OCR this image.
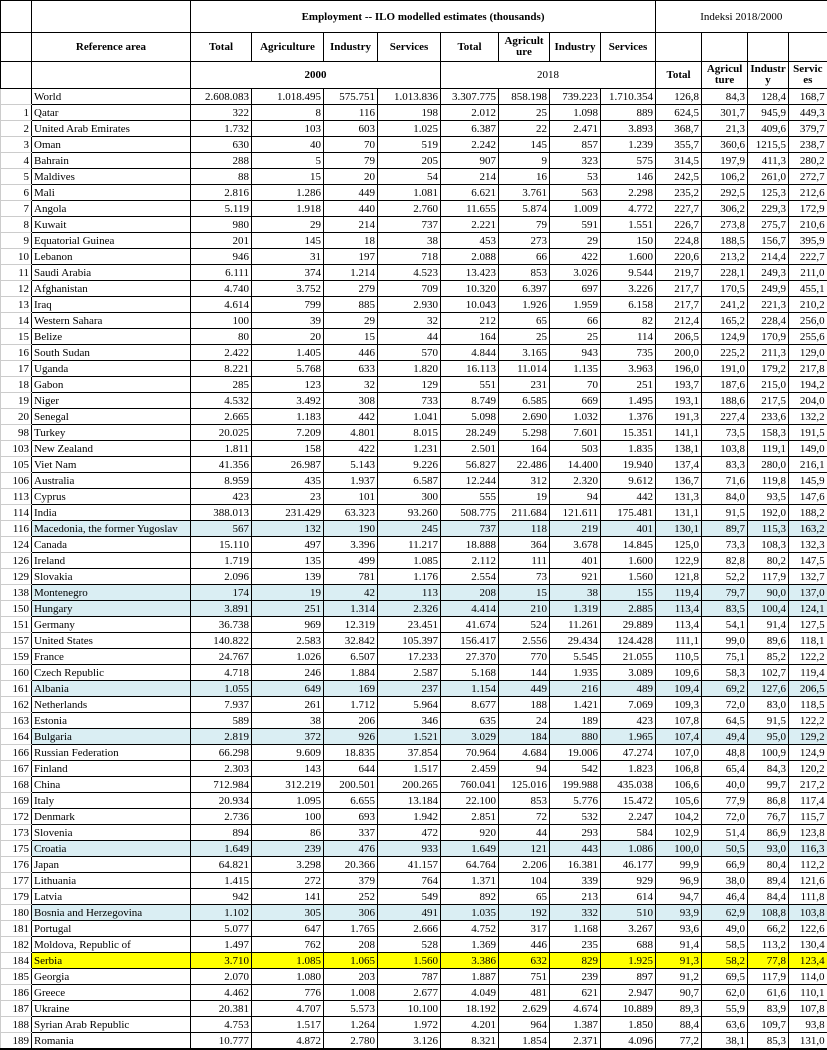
		Employment -- ILO modelled estimates (thousands)								Indeksi 2018/2000			
	Reference area	Total	Agriculture	Industry	Services	Total	Agricult ure	Industry	Services				
		2000				2018				Total	Agricul ture	Industr y	Servic es
	World	2.608.083	1.018.495	575.751	1.013.836	3.307.775	858.198	739.223	1.710.354	126,8	84,3	128,4	168,7
1	Qatar	322	8	116	198	2.012	25	1.098	889	624,5	301,7	945,9	449,3
2	United Arab Emirates	1.732	103	603	1.025	6.387	22	2.471	3.893	368,7	21,3	409,6	379,7
3	Oman	630	40	70	519	2.242	145	857	1.239	355,7	360,6	1215,5	238,7
4	Bahrain	288	5	79	205	907	9	323	575	314,5	197,9	411,3	280,2
5	Maldives	88	15	20	54	214	16	53	146	242,5	106,2	261,0	272,7
6	Mali	2.816	1.286	449	1.081	6.621	3.761	563	2.298	235,2	292,5	125,3	212,6
7	Angola	5.119	1.918	440	2.760	11.655	5.874	1.009	4.772	227,7	306,2	229,3	172,9
8	Kuwait	980	29	214	737	2.221	79	591	1.551	226,7	273,8	275,7	210,6
9	Equatorial Guinea	201	145	18	38	453	273	29	150	224,8	188,5	156,7	395,9
10	Lebanon	946	31	197	718	2.088	66	422	1.600	220,6	213,2	214,4	222,7
11	Saudi Arabia	6.111	374	1.214	4.523	13.423	853	3.026	9.544	219,7	228,1	249,3	211,0
12	Afghanistan	4.740	3.752	279	709	10.320	6.397	697	3.226	217,7	170,5	249,9	455,1
13	Iraq	4.614	799	885	2.930	10.043	1.926	1.959	6.158	217,7	241,2	221,3	210,2
14	Western Sahara	100	39	29	32	212	65	66	82	212,4	165,2	228,4	256,0
15	Belize	80	20	15	44	164	25	25	114	206,5	124,9	170,9	255,6
16	South Sudan	2.422	1.405	446	570	4.844	3.165	943	735	200,0	225,2	211,3	129,0
17	Uganda	8.221	5.768	633	1.820	16.113	11.014	1.135	3.963	196,0	191,0	179,2	217,8
18	Gabon	285	123	32	129	551	231	70	251	193,7	187,6	215,0	194,2
19	Niger	4.532	3.492	308	733	8.749	6.585	669	1.495	193,1	188,6	217,5	204,0
20	Senegal	2.665	1.183	442	1.041	5.098	2.690	1.032	1.376	191,3	227,4	233,6	132,2
98	Turkey	20.025	7.209	4.801	8.015	28.249	5.298	7.601	15.351	141,1	73,5	158,3	191,5
103	New Zealand	1.811	158	422	1.231	2.501	164	503	1.835	138,1	103,8	119,1	149,0
105	Viet Nam	41.356	26.987	5.143	9.226	56.827	22.486	14.400	19.940	137,4	83,3	280,0	216,1
106	Australia	8.959	435	1.937	6.587	12.244	312	2.320	9.612	136,7	71,6	119,8	145,9
113	Cyprus	423	23	101	300	555	19	94	442	131,3	84,0	93,5	147,6
114	India	388.013	231.429	63.323	93.260	508.775	211.684	121.611	175.481	131,1	91,5	192,0	188,2
116	Macedonia, the former Yugoslav	567	132	190	245	737	118	219	401	130,1	89,7	115,3	163,2
124	Canada	15.110	497	3.396	11.217	18.888	364	3.678	14.845	125,0	73,3	108,3	132,3
126	Ireland	1.719	135	499	1.085	2.112	111	401	1.600	122,9	82,8	80,2	147,5
129	Slovakia	2.096	139	781	1.176	2.554	73	921	1.560	121,8	52,2	117,9	132,7
138	Montenegro	174	19	42	113	208	15	38	155	119,4	79,7	90,0	137,0
150	Hungary	3.891	251	1.314	2.326	4.414	210	1.319	2.885	113,4	83,5	100,4	124,1
151	Germany	36.738	969	12.319	23.451	41.674	524	11.261	29.889	113,4	54,1	91,4	127,5
157	United States	140.822	2.583	32.842	105.397	156.417	2.556	29.434	124.428	111,1	99,0	89,6	118,1
159	France	24.767	1.026	6.507	17.233	27.370	770	5.545	21.055	110,5	75,1	85,2	122,2
160	Czech Republic	4.718	246	1.884	2.587	5.168	144	1.935	3.089	109,6	58,3	102,7	119,4
161	Albania	1.055	649	169	237	1.154	449	216	489	109,4	69,2	127,6	206,5
162	Netherlands	7.937	261	1.712	5.964	8.677	188	1.421	7.069	109,3	72,0	83,0	118,5
163	Estonia	589	38	206	346	635	24	189	423	107,8	64,5	91,5	122,2
164	Bulgaria	2.819	372	926	1.521	3.029	184	880	1.965	107,4	49,4	95,0	129,2
166	Russian Federation	66.298	9.609	18.835	37.854	70.964	4.684	19.006	47.274	107,0	48,8	100,9	124,9
167	Finland	2.303	143	644	1.517	2.459	94	542	1.823	106,8	65,4	84,3	120,2
168	China	712.984	312.219	200.501	200.265	760.041	125.016	199.988	435.038	106,6	40,0	99,7	217,2
169	Italy	20.934	1.095	6.655	13.184	22.100	853	5.776	15.472	105,6	77,9	86,8	117,4
172	Denmark	2.736	100	693	1.942	2.851	72	532	2.247	104,2	72,0	76,7	115,7
173	Slovenia	894	86	337	472	920	44	293	584	102,9	51,4	86,9	123,8
175	Croatia	1.649	239	476	933	1.649	121	443	1.086	100,0	50,5	93,0	116,3
176	Japan	64.821	3.298	20.366	41.157	64.764	2.206	16.381	46.177	99,9	66,9	80,4	112,2
177	Lithuania	1.415	272	379	764	1.371	104	339	929	96,9	38,0	89,4	121,6
179	Latvia	942	141	252	549	892	65	213	614	94,7	46,4	84,4	111,8
180	Bosnia and Herzegovina	1.102	305	306	491	1.035	192	332	510	93,9	62,9	108,8	103,8
181	Portugal	5.077	647	1.765	2.666	4.752	317	1.168	3.267	93,6	49,0	66,2	122,6
182	Moldova, Republic of	1.497	762	208	528	1.369	446	235	688	91,4	58,5	113,2	130,4
184	Serbia	3.710	1.085	1.065	1.560	3.386	632	829	1.925	91,3	58,2	77,8	123,4
185	Georgia	2.070	1.080	203	787	1.887	751	239	897	91,2	69,5	117,9	114,0
186	Greece	4.462	776	1.008	2.677	4.049	481	621	2.947	90,7	62,0	61,6	110,1
187	Ukraine	20.381	4.707	5.573	10.100	18.192	2.629	4.674	10.889	89,3	55,9	83,9	107,8
188	Syrian Arab Republic	4.753	1.517	1.264	1.972	4.201	964	1.387	1.850	88,4	63,6	109,7	93,8
189	Romania	10.777	4.872	2.780	3.126	8.321	1.854	2.371	4.096	77,2	38,1	85,3	131,0
